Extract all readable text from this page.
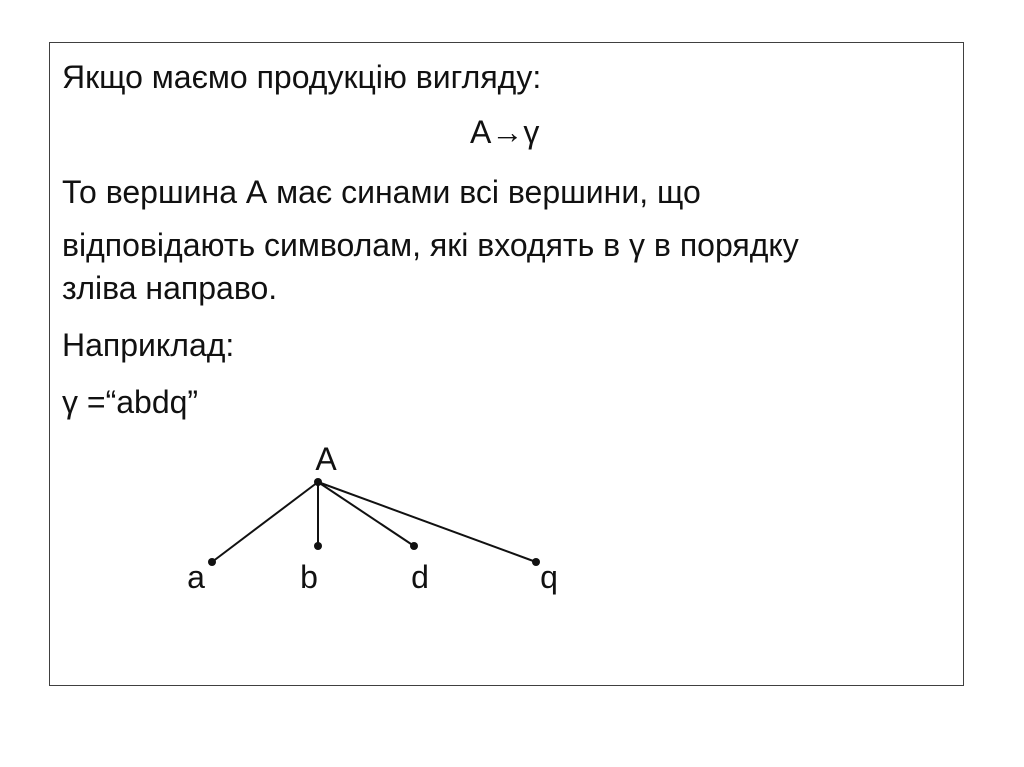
Якщо маємо продукцію вигляду:
A→γ
То вершина А має синами всі вершини, що
відповідають символам, які входять в γ в порядку
зліва направо.
Наприклад:
γ =“abdq”
A
a	b	d	q
